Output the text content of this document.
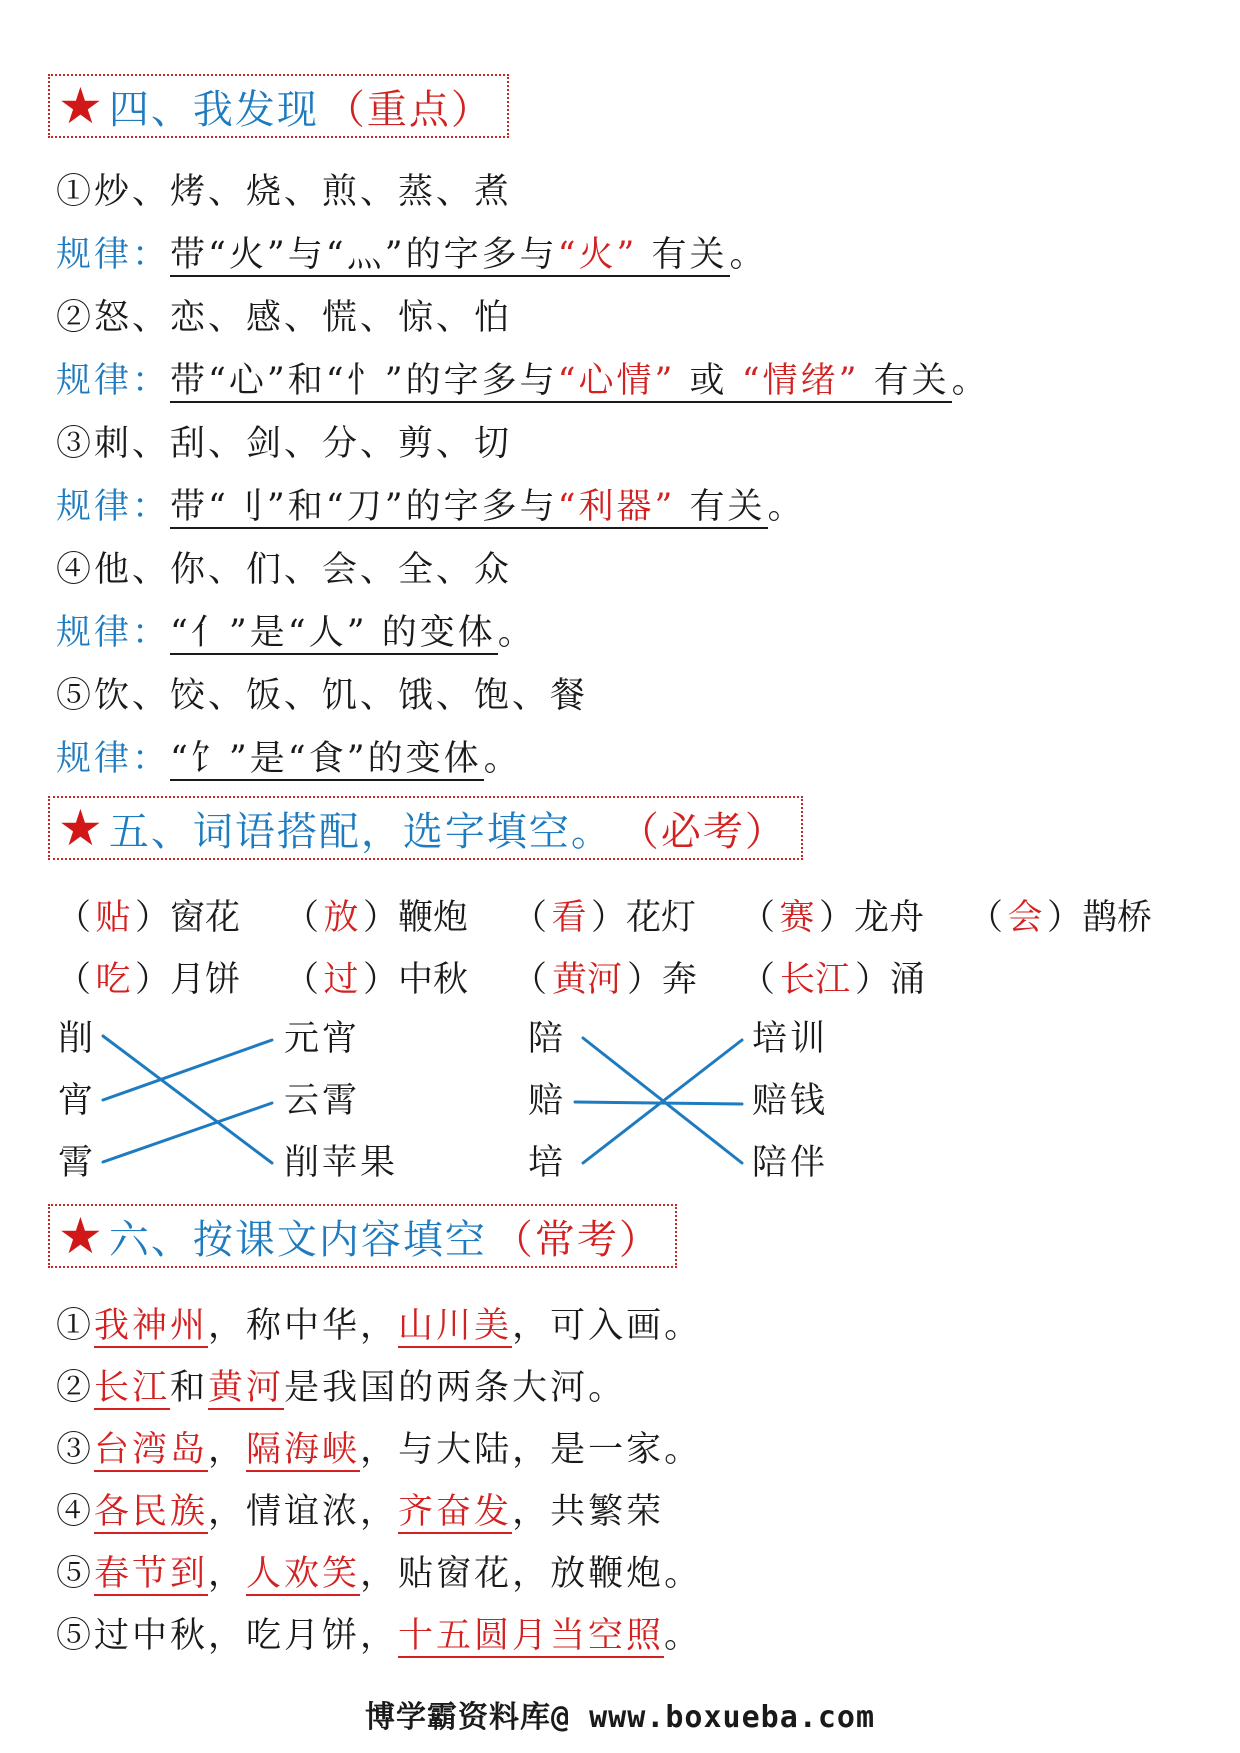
★ 四、我发现 （重点）
①炒、烤、烧、煎、蒸、煮
规律：带“火”与“灬”的字多与“火” 有关。
②怒、恋、感、慌、惊、怕
规律：带“心”和“忄”的字多与“心情” 或 “情绪” 有关。
③刺、刮、剑、分、剪、切
规律：带“刂”和“刀”的字多与“利器” 有关。
④他、你、们、会、全、众
规律：“亻”是“人” 的变体。
⑤饮、饺、饭、饥、饿、饱、餐
规律：“饣”是“食”的变体。
★ 五、词语搭配，选字填空。 （必考）
（ 贴 ）窗花 （ 放 ）鞭炮 （ 看 ）花灯 （ 赛 ）龙舟 （ 会 ）鹊桥
（ 吃 ）月饼 （ 过 ）中秋 （ 黄河 ）奔 （ 长江 ）涌
削
宵
霄
元宵
云霄
削苹果
陪
赔
培
培训
赔钱
陪伴
★ 六、按课文内容填空 （常考）
①我神州，称中华，山川美，可入画。
②长江和黄河是我国的两条大河。
③台湾岛，隔海峡，与大陆，是一家。
④各民族，情谊浓，齐奋发，共繁荣
⑤春节到，人欢笑，贴窗花，放鞭炮。
⑤过中秋，吃月饼，十五圆月当空照。
博学霸资料库@ www.boxueba.com
